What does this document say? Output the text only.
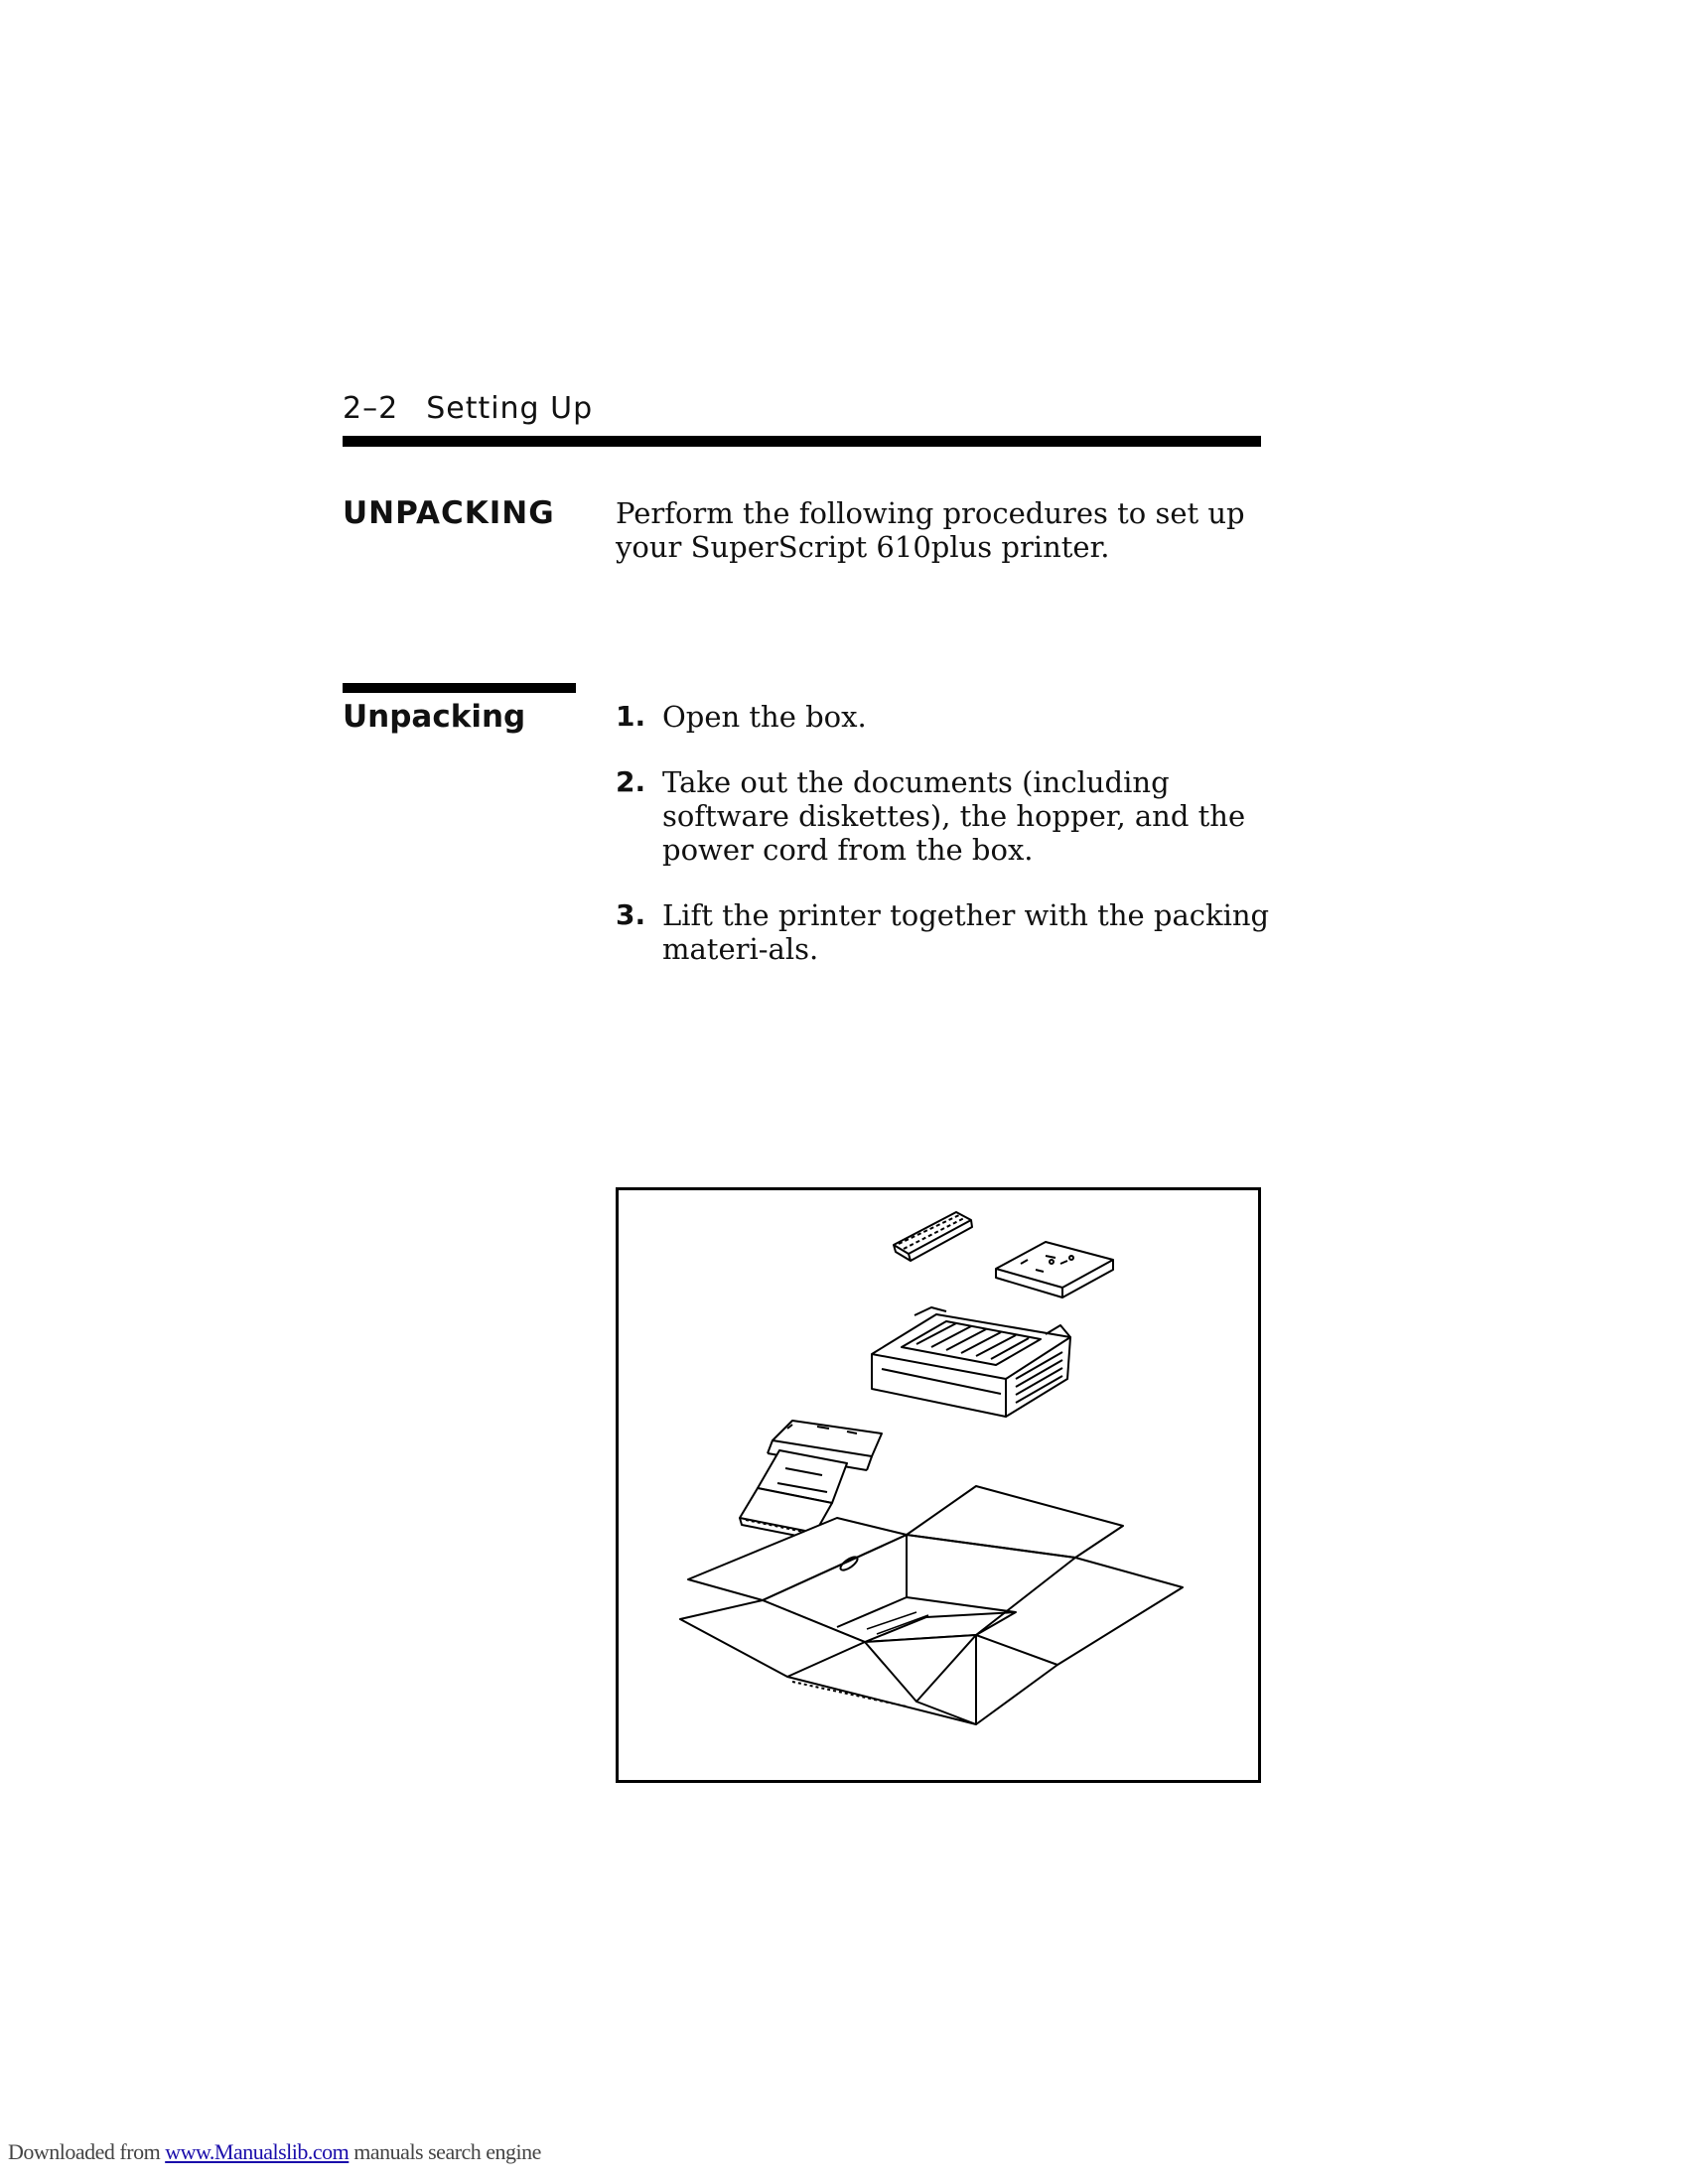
2–2 Setting Up
UNPACKING Perform the following procedures to set up your SuperScript 610plus printer.
Unpacking	1. Open the box.
2. Take out the documents (including software diskettes), the hopper, and the power cord from the box.
3. Lift the printer together with the packing materi-als.
Downloaded from www.Manualslib.com manuals search engine
